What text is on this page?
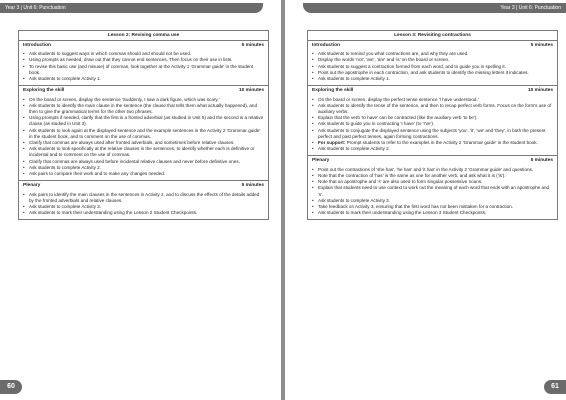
Year 3 | Unit 6: Punctuation
Lesson 2: Revising comma use
Introduction	5 minutes
• Ask students to suggest ways in which commas should and should not be used.
• Using prompts as needed, draw out that they cannot end sentences. Then focus on their use in lists.
• To revise this basic use (and misuse) of commas, look together at the Activity 1 'Grammar guide' in the student book.
• Ask students to complete Activity 1.
Exploring the skill	10 minutes
• On the board or screen, display the sentence 'Suddenly, I saw a dark figure, which was scary.'
• Ask students to identify the main clause in the sentence (the clause that tells them what actually happened), and then to give the grammatical terms for the other two phrases.
• Using prompts if needed, clarify that the first is a fronted adverbial (as studied in Unit 5) and the second is a relative clause (as studied in Unit 3).
• Ask students to look again at the displayed sentence and the example sentences in the Activity 2 'Grammar guide' in the student book, and to comment on the use of commas.
• Clarify that commas are always used after fronted adverbials, and sometimes before relative clauses.
• Ask students to look specifically at the relative clauses in the sentences, to identify whether each is definitive or incidental and to comment on the use of commas.
• Clarify that commas are always used before incidental relative clauses and never before definitive ones.
• Ask students to complete Activity 2.
• Ask pairs to compare their work and to make any changes needed.
Plenary	5 minutes
• Ask pairs to identify the main clauses in the sentences in Activity 2, and to discuss the effects of the details added by the fronted adverbials and relative clauses.
• Ask students to complete Activity 3.
• Ask students to mark their understanding using the Lesson 2 Student Checkpoints.
60
Year 3 | Unit 6: Punctuation
Lesson 3: Revisiting contractions
Introduction	5 minutes
• Ask students to remind you what contractions are, and why they are used.
• Display the words 'not', 'am', 'are' and 'is' on the board or screen.
• Ask students to suggest a contraction formed from each word, and to guide you in spelling it.
• Point out the apostrophe in each contraction, and ask students to identify the missing letters it indicates.
• Ask students to complete Activity 1.
Exploring the skill	10 minutes
• On the board or screen, display the perfect tense sentence 'I have understood.'
• Ask students to identify the tense of the sentence, and then to recap perfect verb forms. Focus on the form's use of auxiliary verbs.
• Explain that the verb 'to have' can be contracted (like the auxiliary verb 'to be').
• Ask students to guide you in contracting 'I have' (to 'I've').
• Ask students to conjugate the displayed sentence using the subjects 'you', 'it', 'we' and 'they', in both the present perfect and past perfect tenses, again forming contractions.
• For support: Prompt students to refer to the examples in the Activity 2 'Grammar guide' in the student book.
• Ask students to complete Activity 2.
Plenary	5 minutes
• Point out the contractions of 'she has', 'he has' and 'it has' in the Activity 2 'Grammar guide' and questions.
• Note that the contraction of 'has' is the same as one for another verb, and ask what it is ('is').
• Note that an apostrophe and 's' are also used to form singular possessive nouns.
• Explain that students need to use context to work out the meaning of each word that ends with an apostrophe and 's'.
• Ask students to complete Activity 3.
• Take feedback on Activity 3, ensuring that the first word has not been mistaken for a contraction.
• Ask students to mark their understanding using the Lesson 3 Student Checkpoints.
61
